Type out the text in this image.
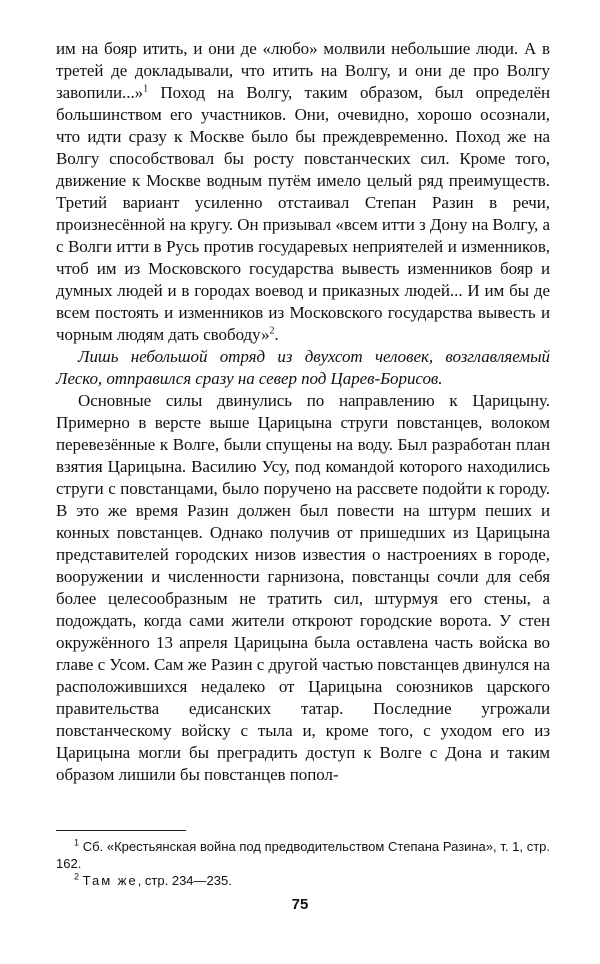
им на бояр итить, и они де «любо» молвили небольшие люди. А в третей де докладывали, что итить на Волгу, и они де про Волгу завопили...»$^1$ Поход на Волгу, таким образом, был определён большинством его участников. Они, очевидно, хорошо осознали, что идти сразу к Москве было бы преждевременно. Поход же на Волгу способствовал бы росту повстанческих сил. Кроме того, движение к Москве водным путём имело целый ряд преимуществ. Третий вариант усиленно отстаивал Степан Разин в речи, произнесённой на кругу. Он призывал «всем итти з Дону на Волгу, а с Волги итти в Русь против государевых неприятелей и изменников, чтоб им из Московского государства вывесть изменников бояр и думных людей и в городах воевод и приказных людей... И им бы де всем постоять и изменников из Московского государства вывесть и чорным людям дать свободу»$^2$.

Лишь небольшой отряд из двухсот человек, возглавляемый Леско, отправился сразу на север под Царев-Борисов.

Основные силы двинулись по направлению к Царицыну. Примерно в версте выше Царицына струги повстанцев, волоком перевезённые к Волге, были спущены на воду. Был разработан план взятия Царицына. Василию Усу, под командой которого находились струги с повстанцами, было поручено на рассвете подойти к городу. В это же время Разин должен был повести на штурм пеших и конных повстанцев. Однако получив от пришедших из Царицына представителей городских низов известия о настроениях в городе, вооружении и численности гарнизона, повстанцы сочли для себя более целесообразным не тратить сил, штурмуя его стены, а подождать, когда сами жители откроют городские ворота. У стен окружённого 13 апреля Царицына была оставлена часть войска во главе с Усом. Сам же Разин с другой частью повстанцев двинулся на расположившихся недалеко от Царицына союзников царского правительства едисанских татар. Последние угрожали повстанческому войску с тыла и, кроме того, с уходом его из Царицына могли бы преградить доступ к Волге с Дона и таким образом лишили бы повстанцев попол-

$^1$ Сб. «Крестьянская война под предводительством Степана Разина», т. 1, стр. 162.

$^2$ Там же, стр. 234—235.

75
